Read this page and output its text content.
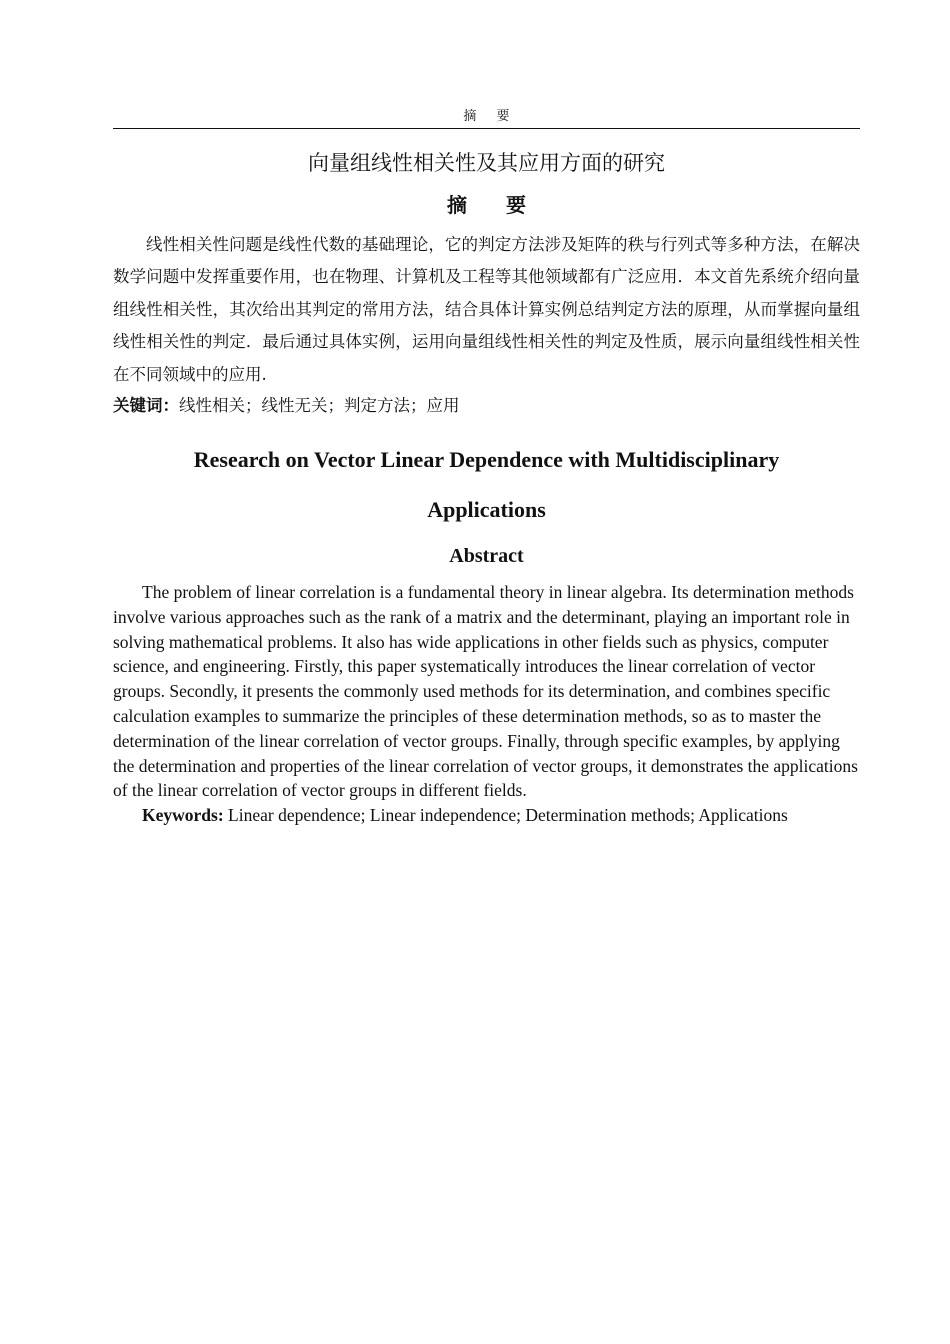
摘 要

向量组线性相关性及其应用方面的研究
摘 要

线性相关性问题是线性代数的基础理论，它的判定方法涉及矩阵的秩与行列式等多种方法，在解决数学问题中发挥重要作用，也在物理、计算机及工程等其他领域都有广泛应用．本文首先系统介绍向量组线性相关性，其次给出其判定的常用方法，结合具体计算实例总结判定方法的原理，从而掌握向量组线性相关性的判定．最后通过具体实例，运用向量组线性相关性的判定及性质，展示向量组线性相关性在不同领域中的应用.

关键词：线性相关；线性无关；判定方法；应用

Research on Vector Linear Dependence with Multidisciplinary Applications
Abstract

The problem of linear correlation is a fundamental theory in linear algebra. Its determination methods involve various approaches such as the rank of a matrix and the determinant, playing an important role in solving mathematical problems. It also has wide applications in other fields such as physics, computer science, and engineering. Firstly, this paper systematically introduces the linear correlation of vector groups. Secondly, it presents the commonly used methods for its determination, and combines specific calculation examples to summarize the principles of these determination methods, so as to master the determination of the linear correlation of vector groups. Finally, through specific examples, by applying the determination and properties of the linear correlation of vector groups, it demonstrates the applications of the linear correlation of vector groups in different fields.

Keywords: Linear dependence; Linear independence; Determination methods; Applications
